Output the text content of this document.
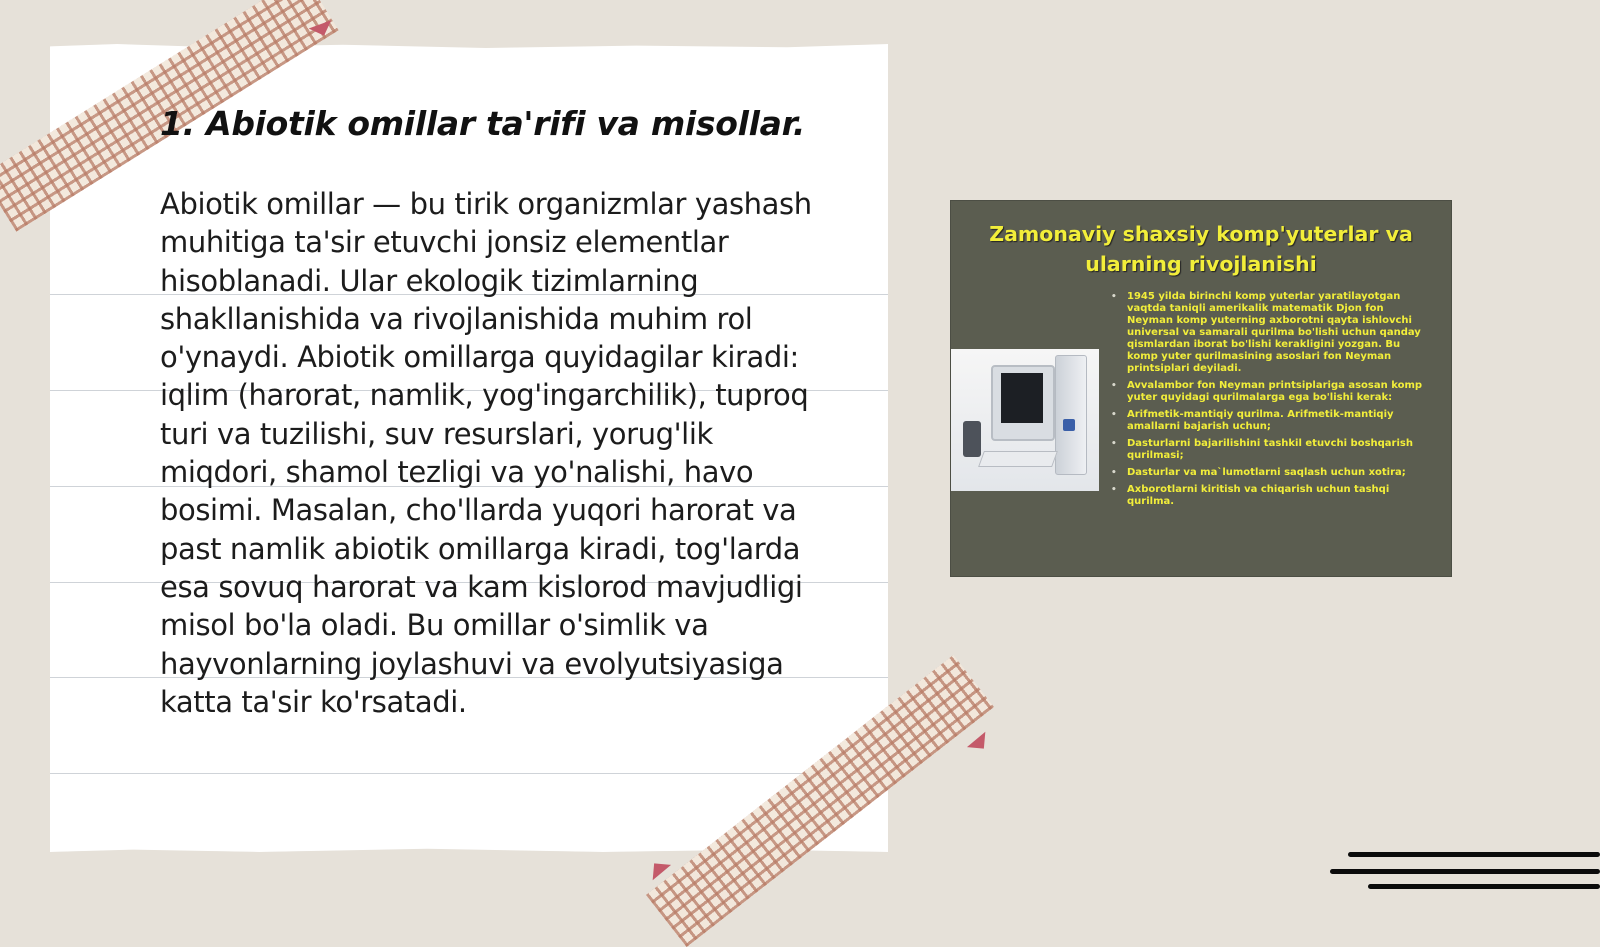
1. Abiotik omillar ta'rifi va misollar.

Abiotik omillar — bu tirik organizmlar yashash muhitiga ta'sir etuvchi jonsiz elementlar hisoblanadi. Ular ekologik tizimlarning shakllanishida va rivojlanishida muhim rol o'ynaydi. Abiotik omillarga quyidagilar kiradi: iqlim (harorat, namlik, yog'ingarchilik), tuproq turi va tuzilishi, suv resurslari, yorug'lik miqdori, shamol tezligi va yo'nalishi, havo bosimi. Masalan, cho'llarda yuqori harorat va past namlik abiotik omillarga kiradi, tog'larda esa sovuq harorat va kam kislorod mavjudligi misol bo'la oladi. Bu omillar o'simlik va hayvonlarning joylashuvi va evolyutsiyasiga katta ta'sir ko'rsatadi.

Zamonaviy shaxsiy komp'yuterlar va ularning rivojlanishi

• 1945 yilda birinchi komp yuterlar yaratilayotgan vaqtda taniqli amerikalik matematik Djon fon Neyman komp yuterning axborotni qayta ishlovchi universal va samarali qurilma bo'lishi uchun qanday qismlardan iborat bo'lishi kerakligini yozgan. Bu komp yuter qurilmasining asoslari fon Neyman printsiplari deyiladi.
• Avvalambor fon Neyman printsiplariga asosan komp yuter quyidagi qurilmalarga ega bo'lishi kerak:
• Arifmetik-mantiqiy qurilma. Arifmetik-mantiqiy amallarni bajarish uchun;
• Dasturlarni bajarilishini tashkil etuvchi boshqarish qurilmasi;
• Dasturlar va ma`lumotlarni saqlash uchun xotira;
• Axborotlarni kiritish va chiqarish uchun tashqi qurilma.
